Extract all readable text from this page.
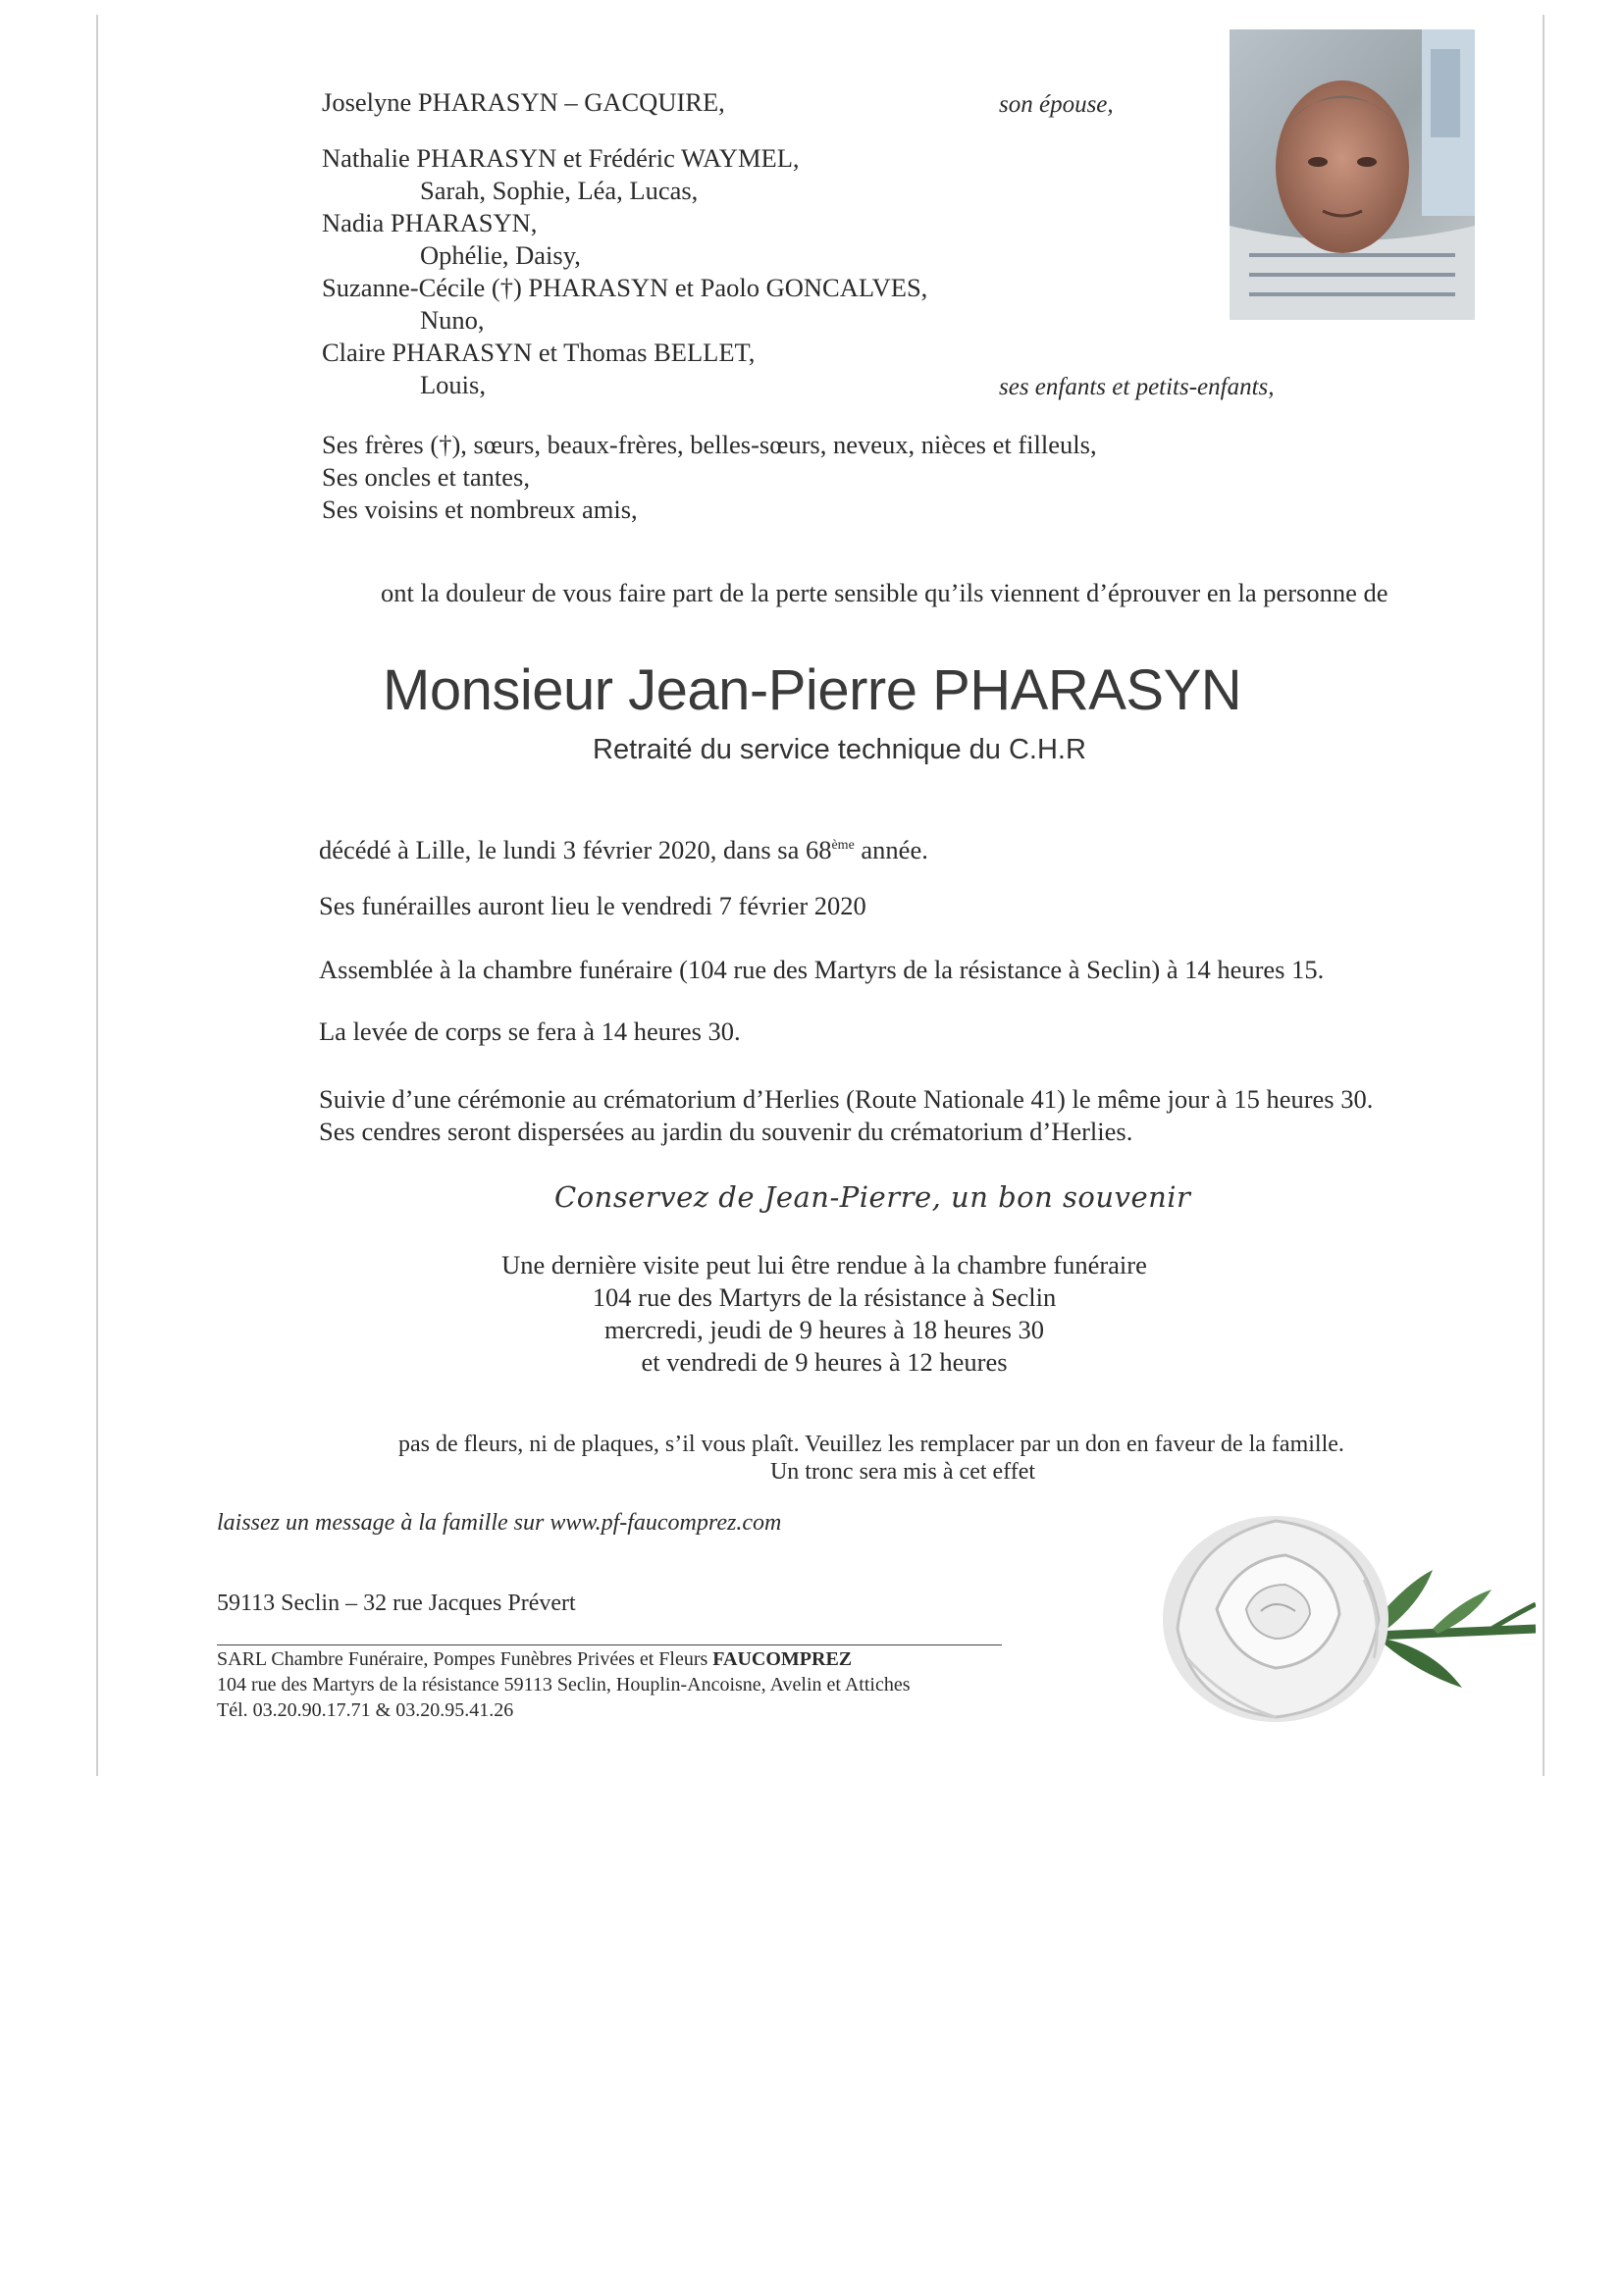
Joselyne PHARASYN – GACQUIRE,	son épouse,
Nathalie PHARASYN et Frédéric WAYMEL,
Sarah, Sophie, Léa, Lucas,
Nadia PHARASYN,
Ophélie, Daisy,
Suzanne-Cécile (†) PHARASYN et Paolo GONCALVES,
Nuno,
Claire PHARASYN et Thomas BELLET,
Louis,	ses enfants et petits-enfants,
Ses frères (†), sœurs, beaux-frères, belles-sœurs, neveux, nièces et filleuls,
Ses oncles et tantes,
Ses voisins et nombreux amis,
ont la douleur de vous faire part de la perte sensible qu’ils viennent d’éprouver en la personne de
Monsieur Jean-Pierre PHARASYN
Retraité du service technique du C.H.R
décédé à Lille, le lundi 3 février 2020, dans sa 68ème année.
Ses funérailles auront lieu le vendredi 7 février 2020
Assemblée à la chambre funéraire (104 rue des Martyrs de la résistance à Seclin) à 14 heures 15.
La levée de corps se fera à 14 heures 30.
Suivie d’une cérémonie au crématorium d’Herlies (Route Nationale 41) le même jour à 15 heures 30.
Ses cendres seront dispersées au jardin du souvenir du crématorium d’Herlies.
Conservez de Jean-Pierre, un bon souvenir
Une dernière visite peut lui être rendue à la chambre funéraire
104 rue des Martyrs de la résistance à Seclin
mercredi, jeudi de 9 heures à 18 heures 30
et vendredi de 9 heures à 12 heures
pas de fleurs, ni de plaques, s’il vous plaît. Veuillez les remplacer par un don en faveur de la famille.
Un tronc sera mis à cet effet
laissez un message à la famille sur www.pf-faucomprez.com
59113 Seclin – 32 rue Jacques Prévert
SARL Chambre Funéraire, Pompes Funèbres Privées et Fleurs FAUCOMPREZ
104 rue des Martyrs de la résistance 59113 Seclin, Houplin-Ancoisne, Avelin et Attiches
Tél. 03.20.90.17.71 & 03.20.95.41.26
